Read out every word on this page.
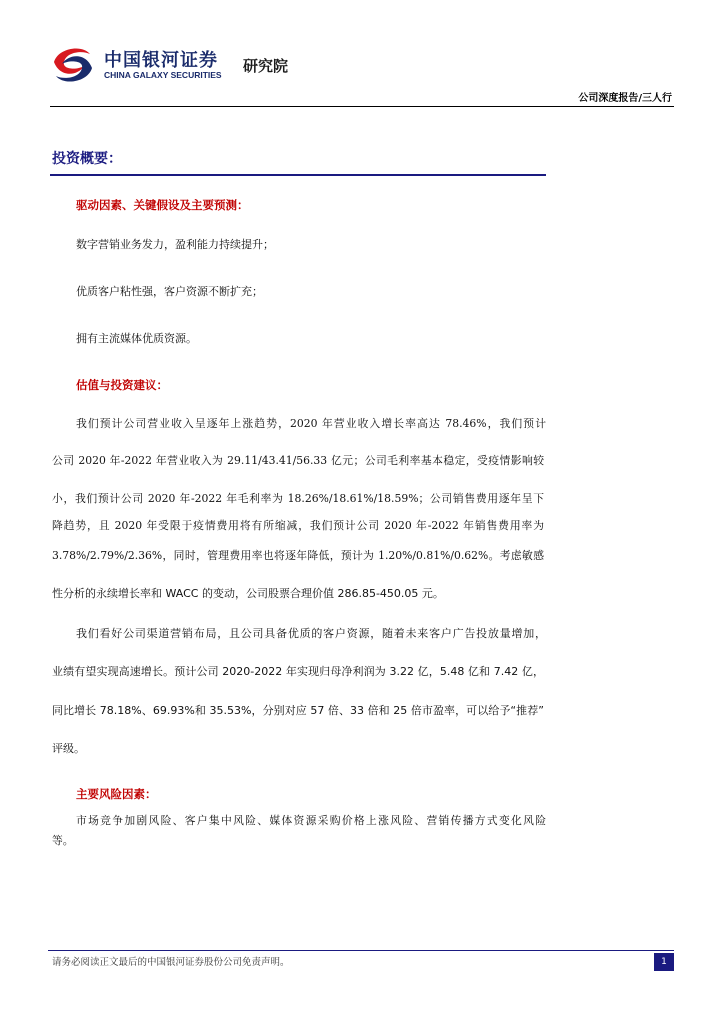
中国银河证券
CHINA GALAXY SECURITIES 研究院
公司深度报告/三人行
投资概要：
驱动因素、关键假设及主要预测：
数字营销业务发力，盈利能力持续提升；
优质客户粘性强，客户资源不断扩充；
拥有主流媒体优质资源。
估值与投资建议：
我们预计公司营业收入呈逐年上涨趋势，2020 年营业收入增长率高达 78.46%，我们预计
公司 2020 年-2022 年营业收入为 29.11/43.41/56.33 亿元；公司毛利率基本稳定，受疫情影响较
小，我们预计公司 2020 年-2022 年毛利率为 18.26%/18.61%/18.59%；公司销售费用逐年呈下
降趋势，且 2020 年受限于疫情费用将有所缩减，我们预计公司 2020 年-2022 年销售费用率为
3.78%/2.79%/2.36%，同时，管理费用率也将逐年降低，预计为 1.20%/0.81%/0.62%。考虑敏感
性分析的永续增长率和 WACC 的变动，公司股票合理价值 286.85-450.05 元。
我们看好公司渠道营销布局，且公司具备优质的客户资源，随着未来客户广告投放量增加，
业绩有望实现高速增长。预计公司 2020-2022 年实现归母净利润为 3.22 亿，5.48 亿和 7.42 亿，
同比增长 78.18%、69.93%和 35.53%，分别对应 57 倍、33 倍和 25 倍市盈率，可以给予“推荐”
评级。
主要风险因素：
市场竞争加剧风险、客户集中风险、媒体资源采购价格上涨风险、营销传播方式变化风险
等。
请务必阅读正文最后的中国银河证券股份公司免责声明。	1
